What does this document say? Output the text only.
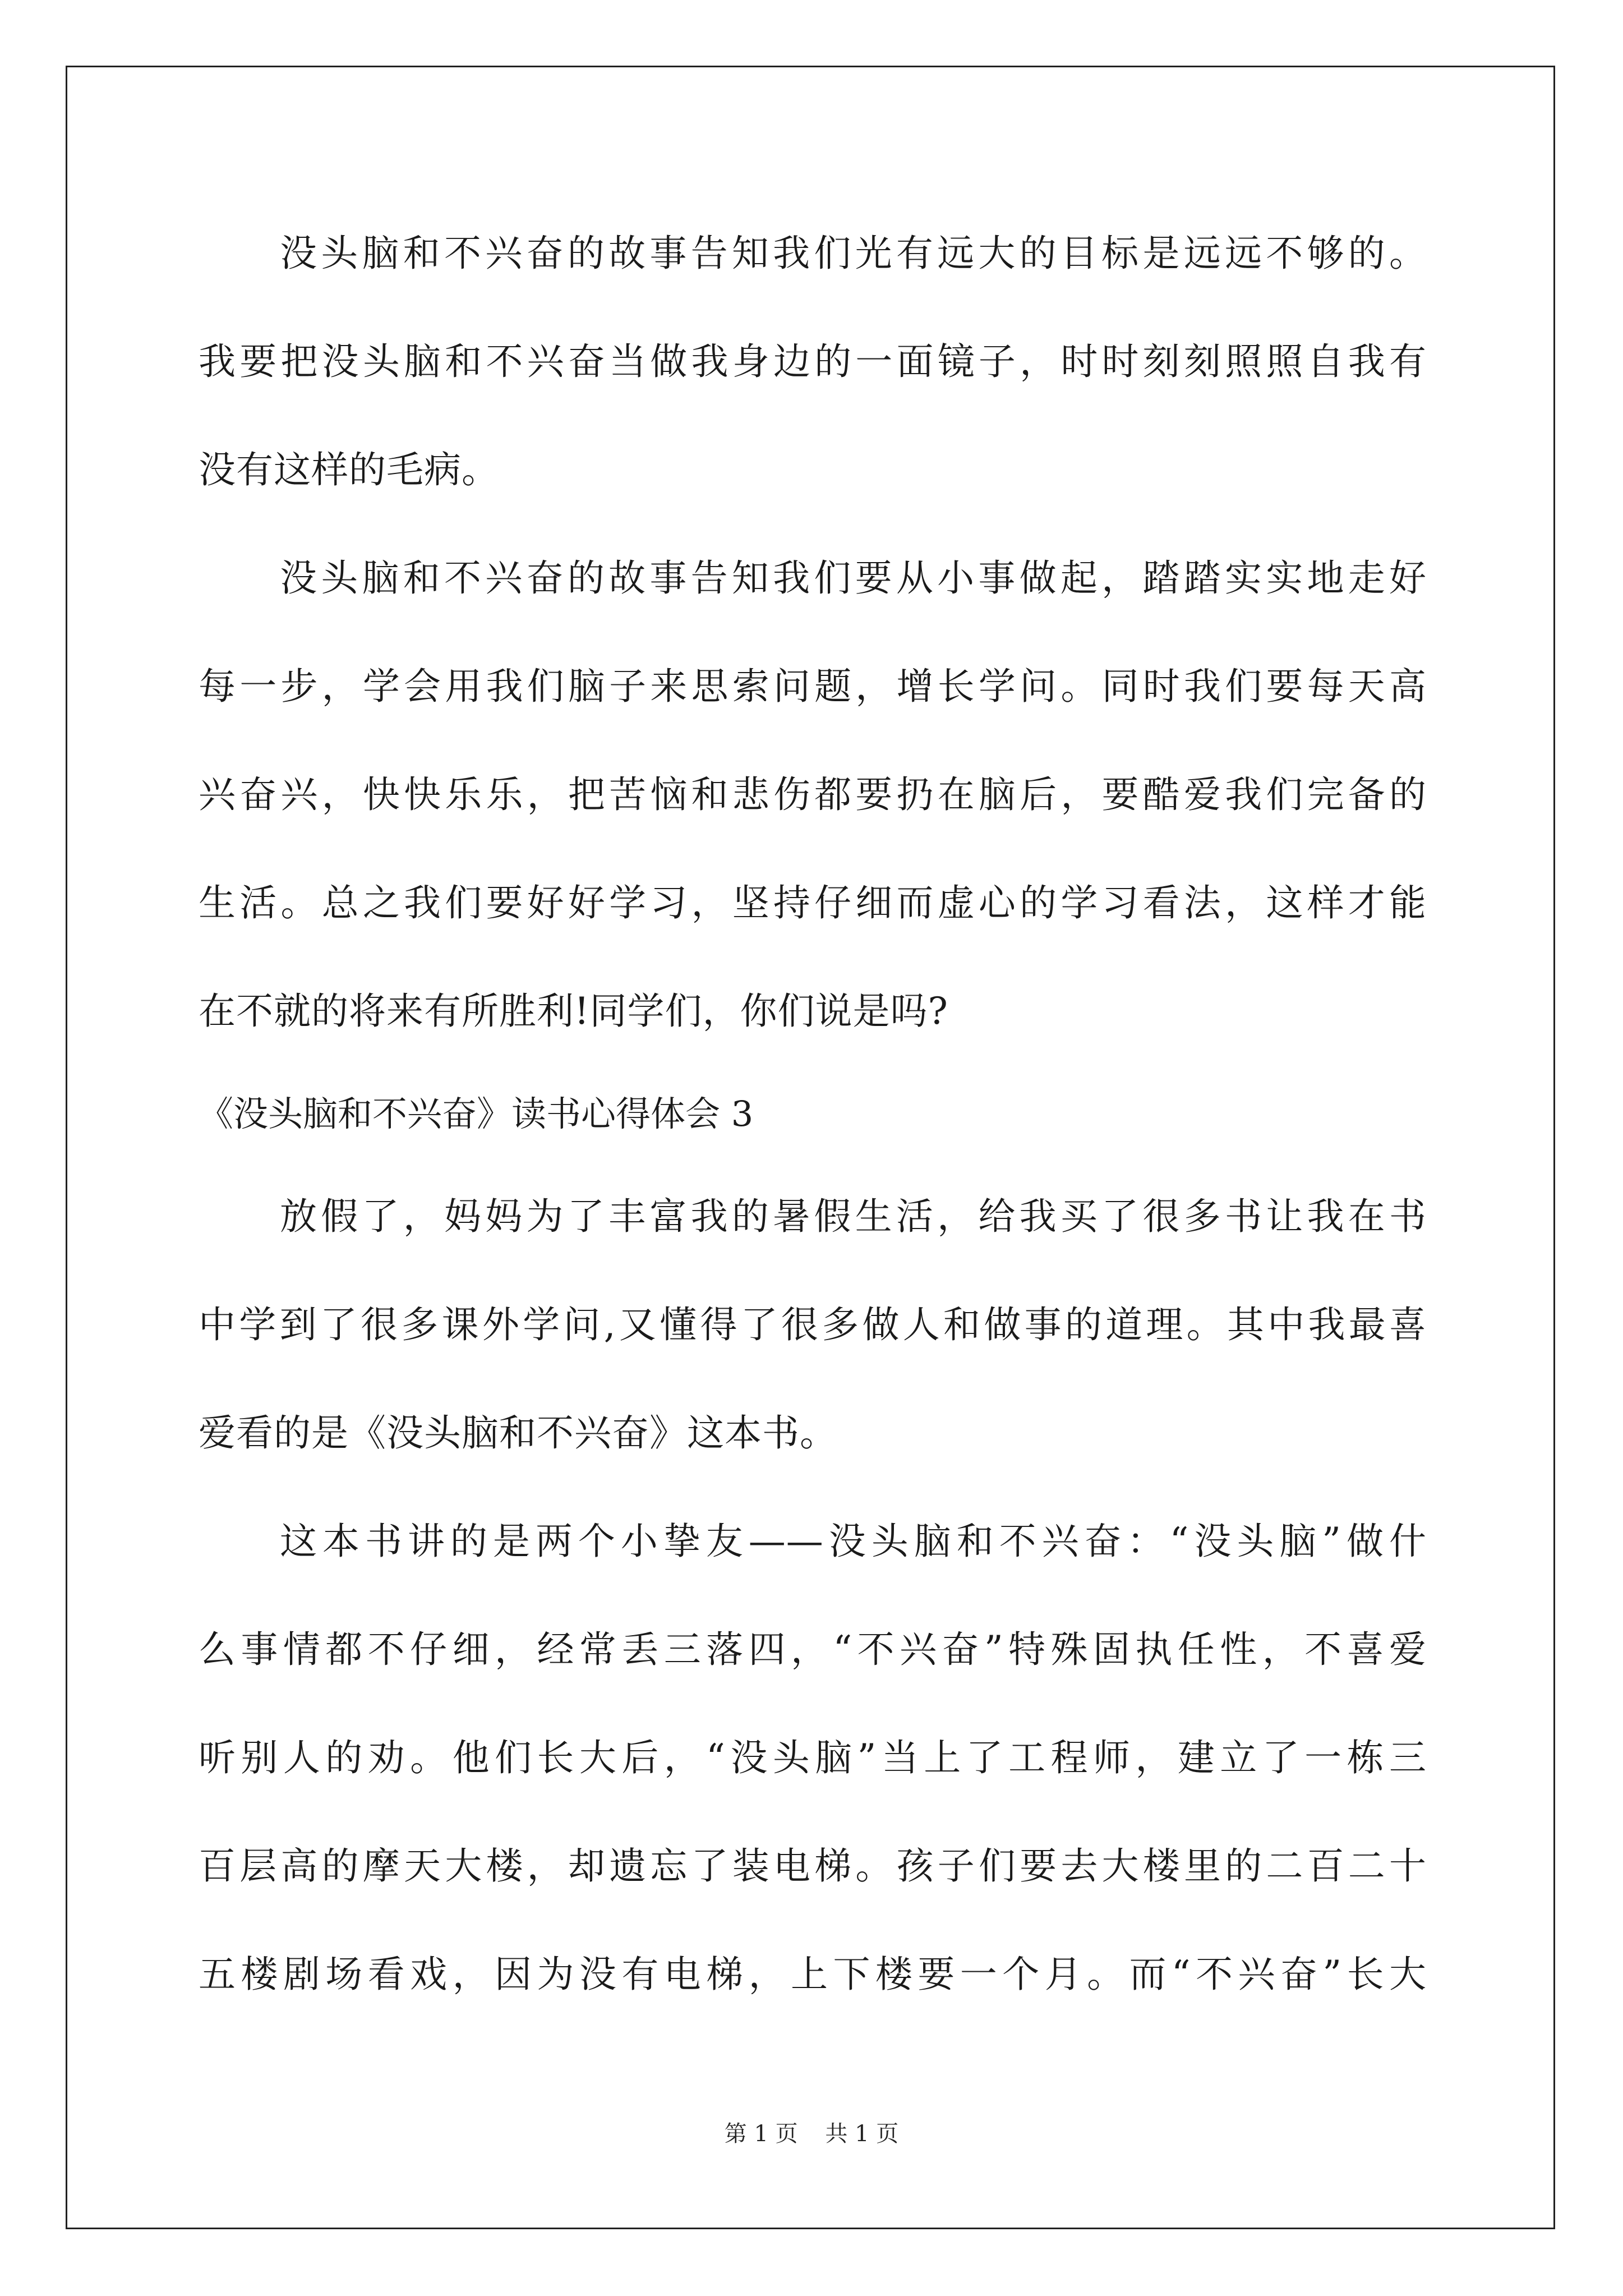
没头脑和不兴奋的故事告知我们光有远大的目标是远远不够的。
我要把没头脑和不兴奋当做我身边的一面镜子，时时刻刻照照自我有
没有这样的毛病。
没头脑和不兴奋的故事告知我们要从小事做起，踏踏实实地走好
每一步，学会用我们脑子来思索问题，增长学问。同时我们要每天高
兴奋兴，快快乐乐，把苦恼和悲伤都要扔在脑后，要酷爱我们完备的
生活。总之我们要好好学习，坚持仔细而虚心的学习看法，这样才能
在不就的将来有所胜利!同学们，你们说是吗?
《没头脑和不兴奋》读书心得体会 3
放假了，妈妈为了丰富我的暑假生活，给我买了很多书让我在书
中学到了很多课外学问,又懂得了很多做人和做事的道理。其中我最喜
爱看的是《没头脑和不兴奋》这本书。
这本书讲的是两个小挚友——没头脑和不兴奋：“没头脑”做什
么事情都不仔细，经常丢三落四，“不兴奋”特殊固执任性，不喜爱
听别人的劝。他们长大后，“没头脑”当上了工程师，建立了一栋三
百层高的摩天大楼，却遗忘了装电梯。孩子们要去大楼里的二百二十
五楼剧场看戏，因为没有电梯，上下楼要一个月。而“不兴奋”长大
第 1 页 共 1 页
